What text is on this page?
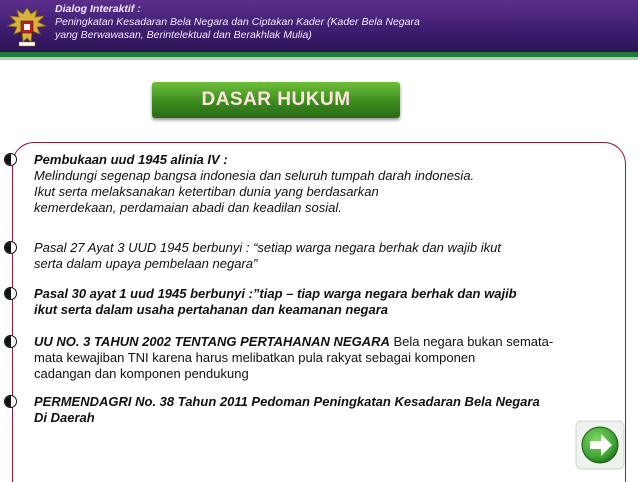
Dialog Interaktif :
Peningkatan Kesadaran Bela Negara dan Ciptakan Kader (Kader Bela Negara
yang Berwawasan, Berintelektual dan Berakhlak Mulia)
DASAR HUKUM
Pembukaan uud 1945 alinia IV :
Melindungi segenap bangsa indonesia dan seluruh tumpah darah indonesia.
Ikut serta melaksanakan ketertiban dunia yang berdasarkan
kemerdekaan, perdamaian abadi dan keadilan sosial.
Pasal 27 Ayat 3 UUD 1945 berbunyi : “setiap warga negara berhak dan wajib ikut
serta dalam upaya pembelaan negara”
Pasal 30 ayat 1 uud 1945 berbunyi :”tiap – tiap warga negara berhak dan wajib
ikut serta dalam usaha pertahanan dan keamanan negara
UU NO. 3 TAHUN 2002 TENTANG PERTAHANAN NEGARA Bela negara bukan semata-
mata kewajiban TNI karena harus melibatkan pula rakyat sebagai komponen
cadangan dan komponen pendukung
PERMENDAGRI No. 38 Tahun 2011 Pedoman Peningkatan Kesadaran Bela Negara
Di Daerah
